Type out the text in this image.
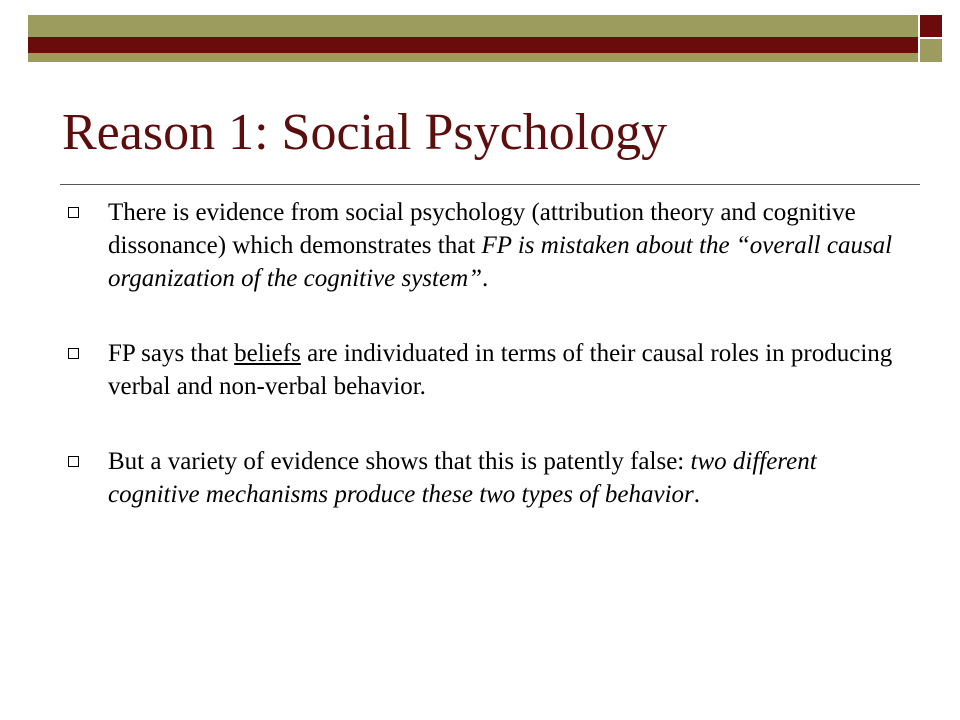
Reason 1: Social Psychology
There is evidence from social psychology (attribution theory and cognitive dissonance) which demonstrates that FP is mistaken about the “overall causal organization of the cognitive system”.
FP says that beliefs are individuated in terms of their causal roles in producing verbal and non-verbal behavior.
But a variety of evidence shows that this is patently false: two different cognitive mechanisms produce these two types of behavior.
